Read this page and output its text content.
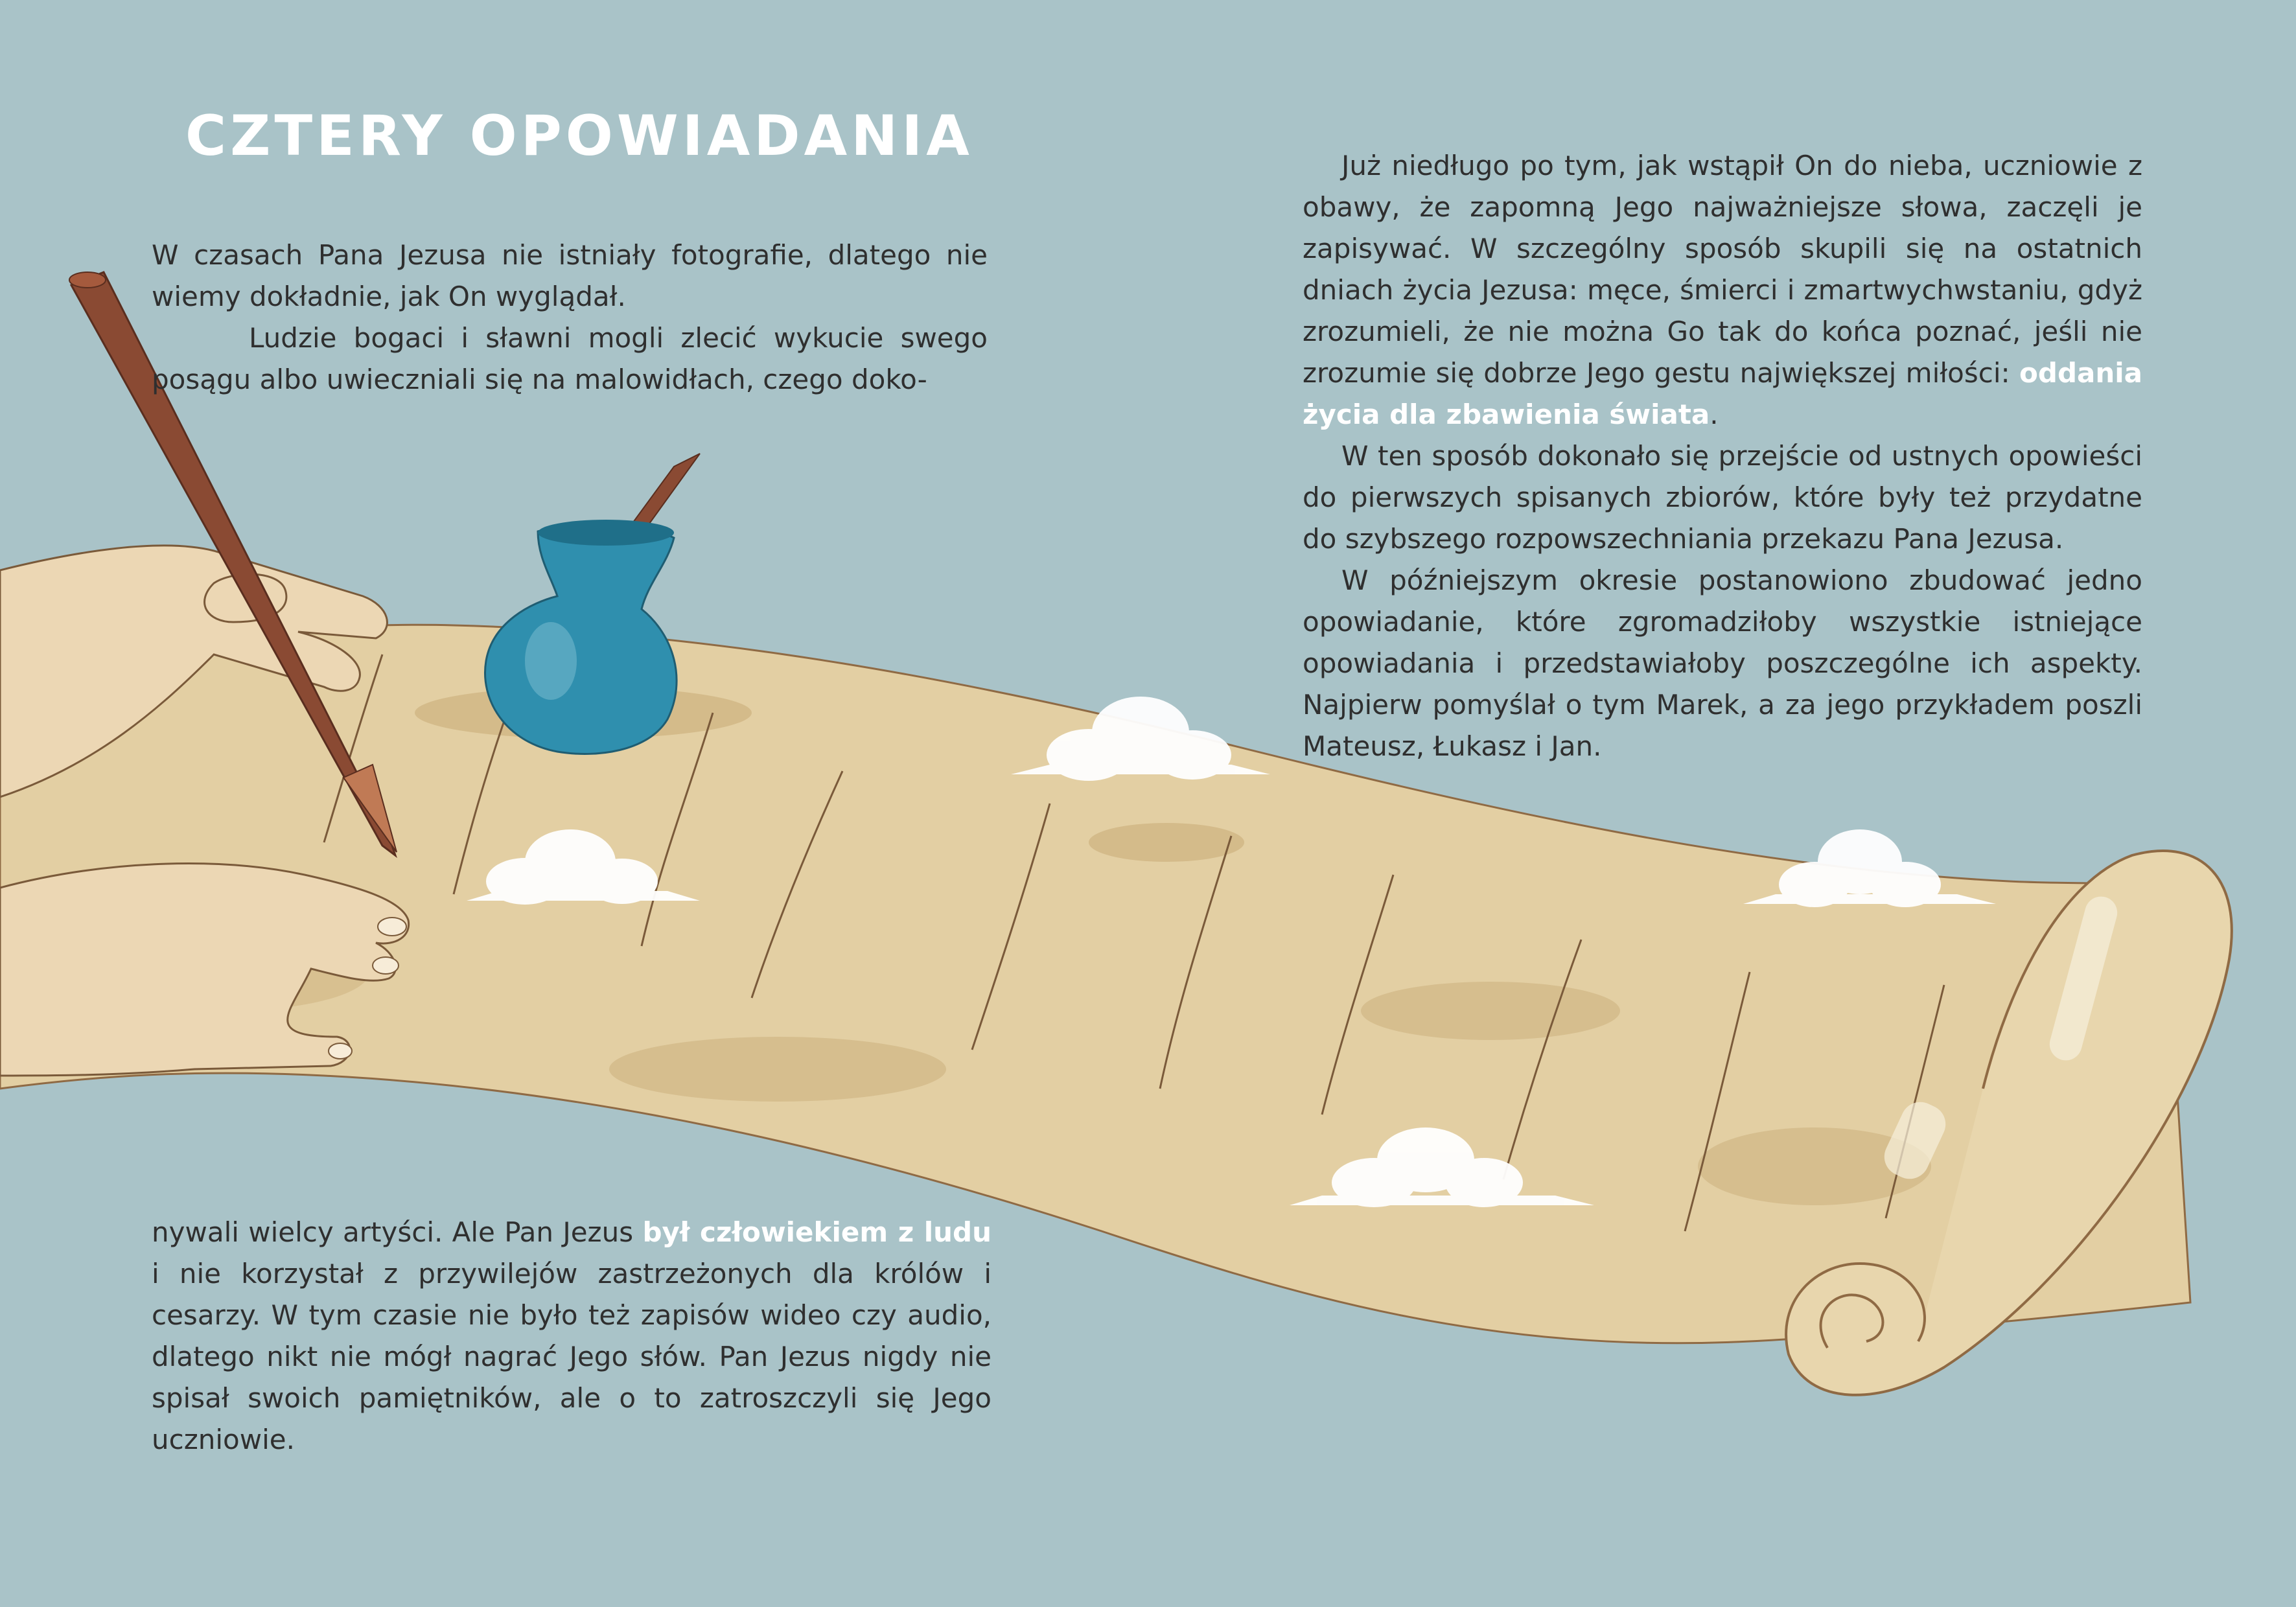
CZTERY OPOWIADANIA

W czasach Pana Jezusa nie istniały fotografie, dlatego nie wiemy dokładnie, jak On wyglądał.

Ludzie bogaci i sławni mogli zlecić wykucie swego posągu albo uwieczniali się na malowidłach, czego doko-

nywali wielcy artyści. Ale Pan Jezus był człowiekiem z ludu i nie korzystał z przywilejów zastrzeżonych dla królów i cesarzy. W tym czasie nie było też zapisów wideo czy audio, dlatego nikt nie mógł nagrać Jego słów. Pan Jezus nigdy nie spisał swoich pamiętników, ale o to zatroszczyli się Jego uczniowie.

Już niedługo po tym, jak wstąpił On do nieba, uczniowie z obawy, że zapomną Jego najważniejsze słowa, zaczęli je zapisywać. W szczególny sposób skupili się na ostatnich dniach życia Jezusa: męce, śmierci i zmartwychwstaniu, gdyż zrozumieli, że nie można Go tak do końca poznać, jeśli nie zrozumie się dobrze Jego gestu największej miłości: oddania życia dla zbawienia świata.

W ten sposób dokonało się przejście od ustnych opowieści do pierwszych spisanych zbiorów, które były też przydatne do szybszego rozpowszechniania przekazu Pana Jezusa.

W późniejszym okresie postanowiono zbudować jedno opowiadanie, które zgromadziłoby wszystkie istniejące opowiadania i przedstawiałoby poszczególne ich aspekty. Najpierw pomyślał o tym Marek, a za jego przykładem poszli Mateusz, Łukasz i Jan.
